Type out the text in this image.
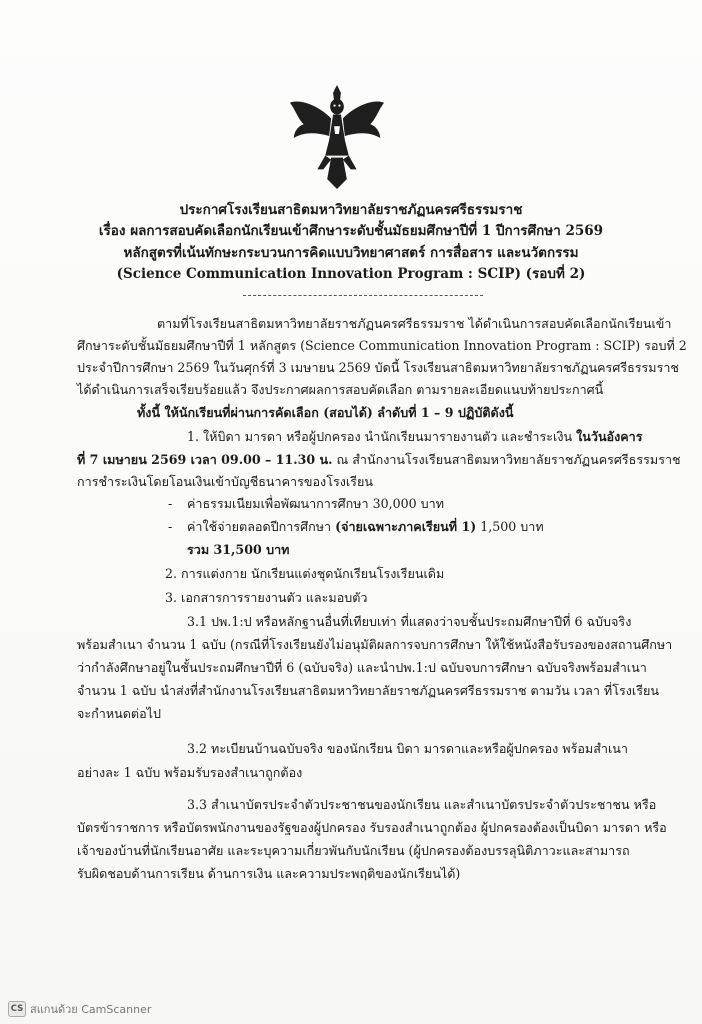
ประกาศโรงเรียนสาธิตมหาวิทยาลัยราชภัฏนครศรีธรรมราช
เรื่อง ผลการสอบคัดเลือกนักเรียนเข้าศึกษาระดับชั้นมัธยมศึกษาปีที่ 1 ปีการศึกษา 2569
หลักสูตรที่เน้นทักษะกระบวนการคิดแบบวิทยาศาสตร์ การสื่อสาร และนวัตกรรม
(Science Communication Innovation Program : SCIP) (รอบที่ 2)
ตามที่โรงเรียนสาธิตมหาวิทยาลัยราชภัฏนครศรีธรรมราช ได้ดำเนินการสอบคัดเลือกนักเรียนเข้า
ศึกษาระดับชั้นมัธยมศึกษาปีที่ 1 หลักสูตร (Science Communication Innovation Program : SCIP) รอบที่ 2
ประจำปีการศึกษา 2569 ในวันศุกร์ที่ 3 เมษายน 2569 บัดนี้ โรงเรียนสาธิตมหาวิทยาลัยราชภัฏนครศรีธรรมราช
ได้ดำเนินการเสร็จเรียบร้อยแล้ว จึงประกาศผลการสอบคัดเลือก ตามรายละเอียดแนบท้ายประกาศนี้
ทั้งนี้ ให้นักเรียนที่ผ่านการคัดเลือก (สอบได้) ลำดับที่ 1 – 9 ปฏิบัติดังนี้
1. ให้บิดา มารดา หรือผู้ปกครอง นำนักเรียนมารายงานตัว และชำระเงิน ในวันอังคาร
ที่ 7 เมษายน 2569 เวลา 09.00 – 11.30 น. ณ สำนักงานโรงเรียนสาธิตมหาวิทยาลัยราชภัฏนครศรีธรรมราช
การชำระเงินโดยโอนเงินเข้าบัญชีธนาคารของโรงเรียน
- ค่าธรรมเนียมเพื่อพัฒนาการศึกษา 30,000 บาท
- ค่าใช้จ่ายตลอดปีการศึกษา (จ่ายเฉพาะภาคเรียนที่ 1) 1,500 บาท
รวม 31,500 บาท
2. การแต่งกาย นักเรียนแต่งชุดนักเรียนโรงเรียนเดิม
3. เอกสารการรายงานตัว และมอบตัว
3.1 ปพ.1:ป หรือหลักฐานอื่นที่เทียบเท่า ที่แสดงว่าจบชั้นประถมศึกษาปีที่ 6 ฉบับจริง
พร้อมสำเนา จำนวน 1 ฉบับ (กรณีที่โรงเรียนยังไม่อนุมัติผลการจบการศึกษา ให้ใช้หนังสือรับรองของสถานศึกษา
ว่ากำลังศึกษาอยู่ในชั้นประถมศึกษาปีที่ 6 (ฉบับจริง) และนำปพ.1:ป ฉบับจบการศึกษา ฉบับจริงพร้อมสำเนา
จำนวน 1 ฉบับ นำส่งที่สำนักงานโรงเรียนสาธิตมหาวิทยาลัยราชภัฏนครศรีธรรมราช ตามวัน เวลา ที่โรงเรียน
จะกำหนดต่อไป
3.2 ทะเบียนบ้านฉบับจริง ของนักเรียน บิดา มารดาและหรือผู้ปกครอง พร้อมสำเนา
อย่างละ 1 ฉบับ พร้อมรับรองสำเนาถูกต้อง
3.3 สำเนาบัตรประจำตัวประชาชนของนักเรียน และสำเนาบัตรประจำตัวประชาชน หรือ
บัตรข้าราชการ หรือบัตรพนักงานของรัฐของผู้ปกครอง รับรองสำเนาถูกต้อง ผู้ปกครองต้องเป็นบิดา มารดา หรือ
เจ้าของบ้านที่นักเรียนอาศัย และระบุความเกี่ยวพันกับนักเรียน (ผู้ปกครองต้องบรรลุนิติภาวะและสามารถ
รับผิดชอบด้านการเรียน ด้านการเงิน และความประพฤติของนักเรียนได้)
CS สแกนด้วย CamScanner
